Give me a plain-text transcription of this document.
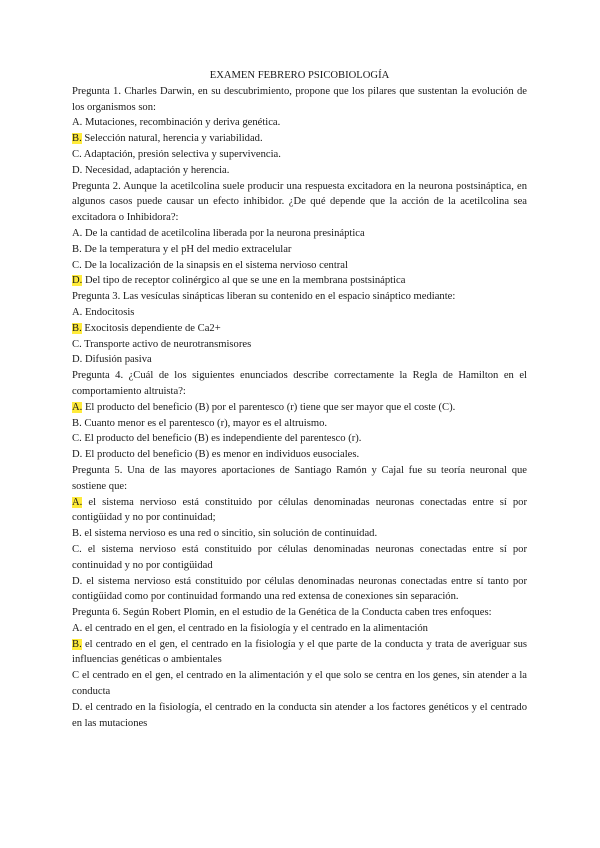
EXAMEN FEBRERO PSICOBIOLOGÍA

Pregunta 1. Charles Darwin, en su descubrimiento, propone que los pilares que sustentan la evolución de los organismos son:

A. Mutaciones, recombinación y deriva genética.

B. Selección natural, herencia y variabilidad.

C. Adaptación, presión selectiva y supervivencia.

D. Necesidad, adaptación y herencia.

Pregunta 2. Aunque la acetilcolina suele producir una respuesta excitadora en la neurona postsináptica, en algunos casos puede causar un efecto inhibidor. ¿De qué depende que la acción de la acetilcolina sea excitadora o Inhibidora?:

A. De la cantidad de acetilcolina liberada por la neurona presináptica

B. De la temperatura y el pH del medio extracelular

C. De la localización de la sinapsis en el sistema nervioso central

D. Del tipo de receptor colinérgico al que se une en la membrana postsináptica

Pregunta 3. Las vesículas sinápticas liberan su contenido en el espacio sináptico mediante:

A. Endocitosis

B. Exocitosis dependiente de Ca2+

C. Transporte activo de neurotransmisores

D. Difusión pasiva

Pregunta 4. ¿Cuál de los siguientes enunciados describe correctamente la Regla de Hamilton en el comportamiento altruista?:

A. El producto del beneficio (B) por el parentesco (r) tiene que ser mayor que el coste (C).

B. Cuanto menor es el parentesco (r), mayor es el altruismo.

C. El producto del beneficio (B) es independiente del parentesco (r).

D. El producto del beneficio (B) es menor en individuos eusociales.

Pregunta 5. Una de las mayores aportaciones de Santiago Ramón y Cajal fue su teoría neuronal que sostiene que:

A. el sistema nervioso está constituido por células denominadas neuronas conectadas entre sí por contigüidad y no por continuidad;

B. el sistema nervioso es una red o sincitio, sin solución de continuidad.

C. el sistema nervioso está constituido por células denominadas neuronas conectadas entre sí por continuidad y no por contigüidad

D. el sistema nervioso está constituido por células denominadas neuronas conectadas entre sí tanto por contigüidad como por continuidad formando una red extensa de conexiones sin separación.

Pregunta 6. Según Robert Plomin, en el estudio de la Genética de la Conducta caben tres enfoques:

A. el centrado en el gen, el centrado en la fisiología y el centrado en la alimentación

B. el centrado en el gen, el centrado en la fisiología y el que parte de la conducta y trata de averiguar sus influencias genéticas o ambientales

C el centrado en el gen, el centrado en la alimentación y el que solo se centra en los genes, sin atender a la conducta

D. el centrado en la fisiología, el centrado en la conducta sin atender a los factores genéticos y el centrado en las mutaciones
